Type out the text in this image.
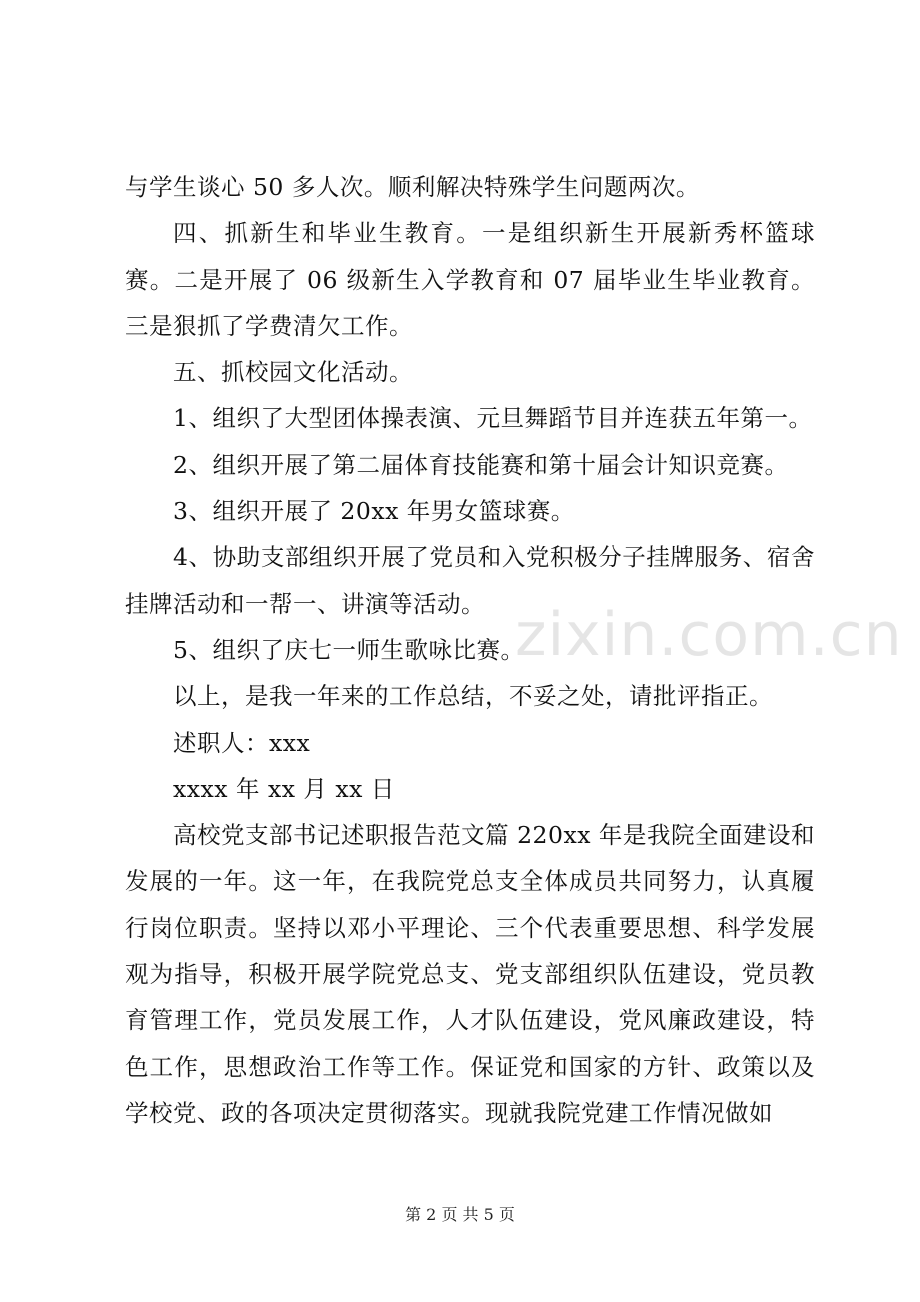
与学生谈心 50 多人次。顺利解决特殊学生问题两次。

四、抓新生和毕业生教育。一是组织新生开展新秀杯篮球赛。二是开展了 06 级新生入学教育和 07 届毕业生毕业教育。三是狠抓了学费清欠工作。

五、抓校园文化活动。

1、组织了大型团体操表演、元旦舞蹈节目并连获五年第一。

2、组织开展了第二届体育技能赛和第十届会计知识竞赛。

3、组织开展了 20xx 年男女篮球赛。

4、协助支部组织开展了党员和入党积极分子挂牌服务、宿舍挂牌活动和一帮一、讲演等活动。

5、组织了庆七一师生歌咏比赛。

以上，是我一年来的工作总结，不妥之处，请批评指正。

述职人：xxx

xxxx 年 xx 月 xx 日

高校党支部书记述职报告范文篇 220xx 年是我院全面建设和发展的一年。这一年，在我院党总支全体成员共同努力，认真履行岗位职责。坚持以邓小平理论、三个代表重要思想、科学发展观为指导，积极开展学院党总支、党支部组织队伍建设，党员教育管理工作，党员发展工作，人才队伍建设，党风廉政建设，特色工作，思想政治工作等工作。保证党和国家的方针、政策以及学校党、政的各项决定贯彻落实。现就我院党建工作情况做如

zixin.com.cn
第 2 页 共 5 页
